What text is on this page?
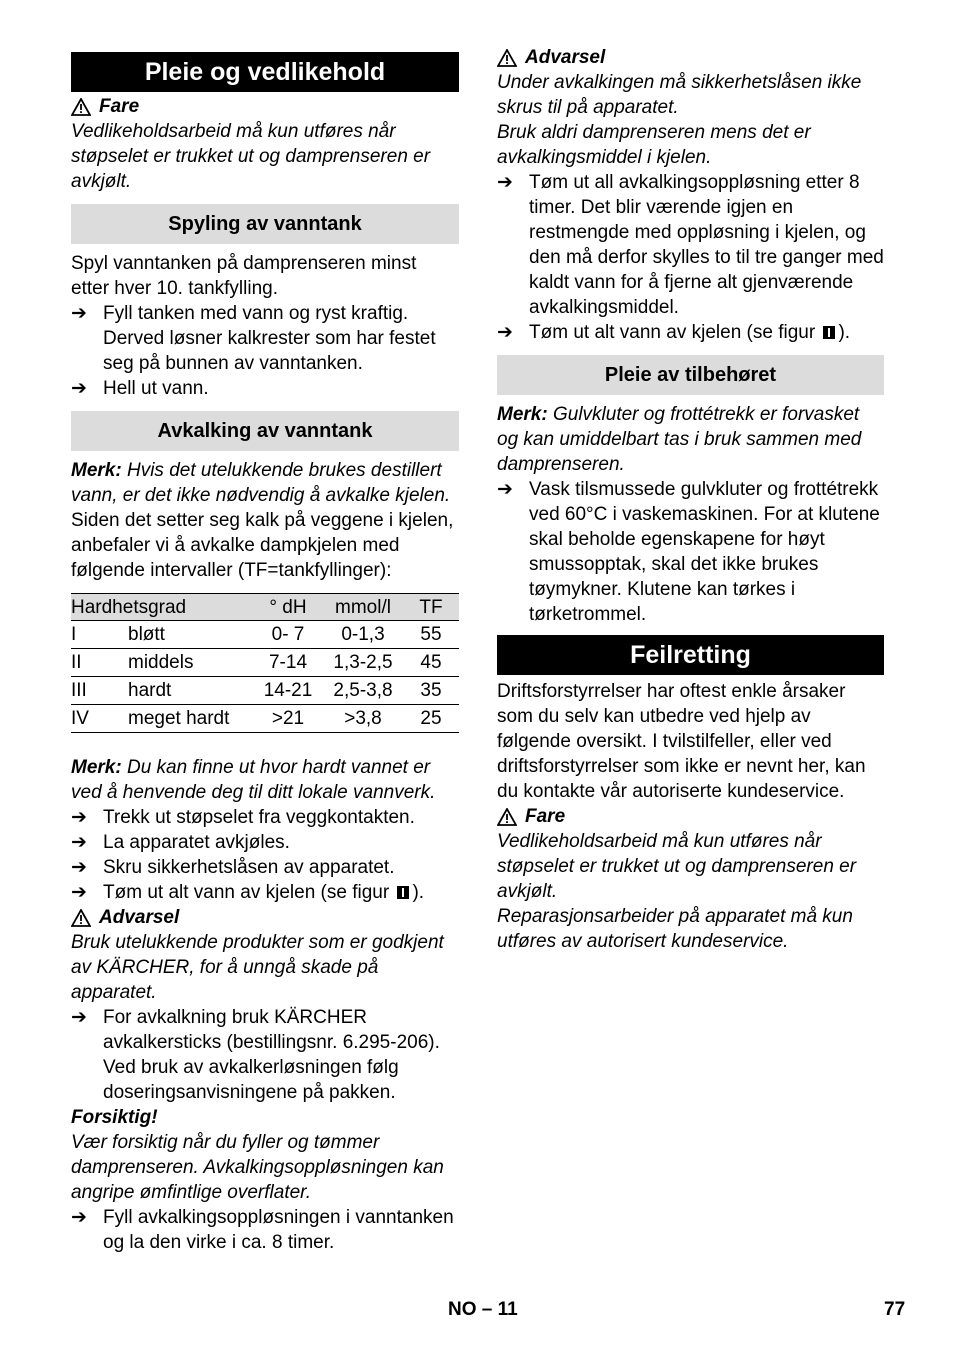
Pleie og vedlikehold
Fare

Vedlikeholdsarbeid må kun utføres når støpselet er trukket ut og damprenseren er avkjølt.

Spyling av vanntank

Spyl vanntanken på damprenseren minst etter hver 10. tankfylling.

➔ Fyll tanken med vann og ryst kraftig. Derved løsner kalkrester som har festet seg på bunnen av vanntanken.
➔ Hell ut vann.
Avkalking av vanntank

Merk: Hvis det utelukkende brukes destillert vann, er det ikke nødvendig å avkalke kjelen.

Siden det setter seg kalk på veggene i kjelen, anbefaler vi å avkalke dampkjelen med følgende intervaller (TF=tankfyllinger):

Hardhetsgrad		° dH	mmol/l	TF
I	bløtt	0- 7	0-1,3	55
II	middels	7-14	1,3-2,5	45
III	hardt	14-21	2,5-3,8	35
IV	meget hardt	>21	>3,8	25

Merk: Du kan finne ut hvor hardt vannet er ved å henvende deg til ditt lokale vannverk.

➔ Trekk ut støpselet fra veggkontakten.
➔ La apparatet avkjøles.
➔ Skru sikkerhetslåsen av apparatet.
➔ Tøm ut alt vann av kjelen (se figur ).
Advarsel

Bruk utelukkende produkter som er godkjent av KÄRCHER, for å unngå skade på apparatet.

➔ For avkalkning bruk KÄRCHER avkalkersticks (bestillingsnr. 6.295-206). Ved bruk av avkalkerløsningen følg doseringsanvisningene på pakken.

Forsiktig!

Vær forsiktig når du fyller og tømmer damprenseren. Avkalkingsoppløsningen kan angripe ømfintlige overflater.

➔ Fyll avkalkingsoppløsningen i vanntanken og la den virke i ca. 8 timer.
Advarsel

Under avkalkingen må sikkerhetslåsen ikke skrus til på apparatet.

Bruk aldri damprenseren mens det er avkalkingsmiddel i kjelen.

➔ Tøm ut all avkalkingsoppløsning etter 8 timer. Det blir værende igjen en restmengde med oppløsning i kjelen, og den må derfor skylles to til tre ganger med kaldt vann for å fjerne alt gjenværende avkalkingsmiddel.
➔ Tøm ut alt vann av kjelen (se figur ).
Pleie av tilbehøret

Merk: Gulvkluter og frottétrekk er forvasket og kan umiddelbart tas i bruk sammen med damprenseren.

➔ Vask tilsmussede gulvkluter og frottétrekk ved 60°C i vaskemaskinen. For at klutene skal beholde egenskapene for høyt smussopptak, skal det ikke brukes tøymykner. Klutene kan tørkes i tørketrommel.
Feilretting

Driftsforstyrrelser har oftest enkle årsaker som du selv kan utbedre ved hjelp av følgende oversikt. I tvilstilfeller, eller ved driftsforstyrrelser som ikke er nevnt her, kan du kontakte vår autoriserte kundeservice.

Fare

Vedlikeholdsarbeid må kun utføres når støpselet er trukket ut og damprenseren er avkjølt.

Reparasjonsarbeider på apparatet må kun utføres av autorisert kundeservice.

NO – 11	77
